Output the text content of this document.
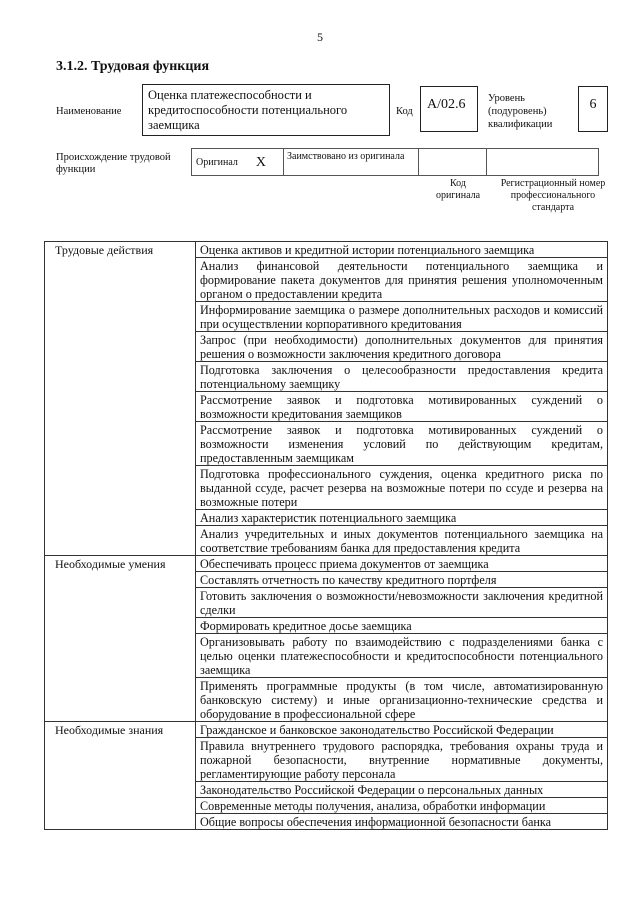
5
3.1.2. Трудовая функция
Наименование
Оценка платежеспособности и кредитоспособности потенциального заемщика
Код	А/02.6	Уровень (подуровень) квалификации
6
Происхождение трудовой функции
Оригинал X	Заимствовано из оригинала
Код оригинала
Регистрационный номер профессионального стандарта
Трудовые действия	Оценка активов и кредитной истории потенциального заемщика
	Анализ финансовой деятельности потенциального заемщика и формирование пакета документов для принятия решения уполномоченным органом о предоставлении кредита
	Информирование заемщика о размере дополнительных расходов и комиссий при осуществлении корпоративного кредитования
	Запрос (при необходимости) дополнительных документов для принятия решения о возможности заключения кредитного договора
	Подготовка заключения о целесообразности предоставления кредита потенциальному заемщику
	Рассмотрение заявок и подготовка мотивированных суждений о возможности кредитования заемщиков
	Рассмотрение заявок и подготовка мотивированных суждений о возможности изменения условий по действующим кредитам, предоставленным заемщикам
	Подготовка профессионального суждения, оценка кредитного риска по выданной ссуде, расчет резерва на возможные потери по ссуде и резерва на возможные потери
	Анализ характеристик потенциального заемщика
	Анализ учредительных и иных документов потенциального заемщика на соответствие требованиям банка для предоставления кредита
Необходимые умения	Обеспечивать процесс приема документов от заемщика
	Составлять отчетность по качеству кредитного портфеля
	Готовить заключения о возможности/невозможности заключения кредитной сделки
	Формировать кредитное досье заемщика
	Организовывать работу по взаимодействию с подразделениями банка с целью оценки платежеспособности и кредитоспособности потенциального заемщика
	Применять программные продукты (в том числе, автоматизированную банковскую систему) и иные организационно-технические средства и оборудование в профессиональной сфере
Необходимые знания	Гражданское и банковское законодательство Российской Федерации
	Правила внутреннего трудового распорядка, требования охраны труда и пожарной безопасности, внутренние нормативные документы, регламентирующие работу персонала
	Законодательство Российской Федерации о персональных данных
	Современные методы получения, анализа, обработки информации
	Общие вопросы обеспечения информационной безопасности банка
